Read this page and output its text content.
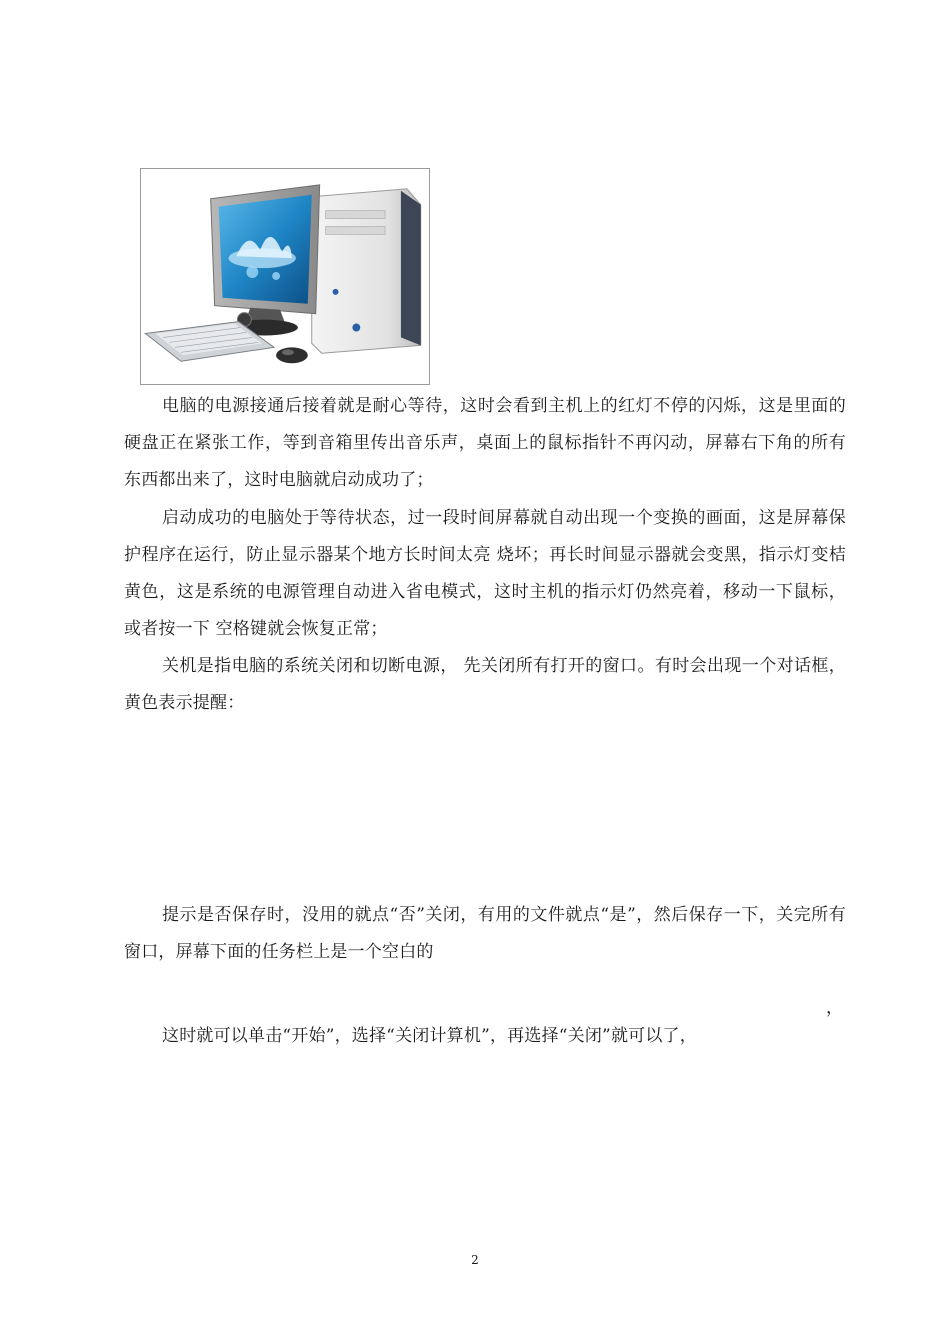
电脑的电源接通后接着就是耐心等待，这时会看到主机上的红灯不停的闪烁，这是里面的硬盘正在紧张工作，等到音箱里传出音乐声，桌面上的鼠标指针不再闪动，屏幕右下角的所有东西都出来了，这时电脑就启动成功了；

启动成功的电脑处于等待状态，过一段时间屏幕就自动出现一个变换的画面，这是屏幕保护程序在运行，防止显示器某个地方长时间太亮 烧坏；再长时间显示器就会变黑，指示灯变桔黄色，这是系统的电源管理自动进入省电模式，这时主机的指示灯仍然亮着，移动一下鼠标，或者按一下 空格键就会恢复正常；

关机是指电脑的系统关闭和切断电源， 先关闭所有打开的窗口。有时会出现一个对话框，黄色表示提醒：

提示是否保存时，没用的就点“否”关闭，有用的文件就点“是”，然后保存一下，关完所有窗口，屏幕下面的任务栏上是一个空白的

，

这时就可以单击“开始”，选择“关闭计算机”，再选择“关闭”就可以了，

2
